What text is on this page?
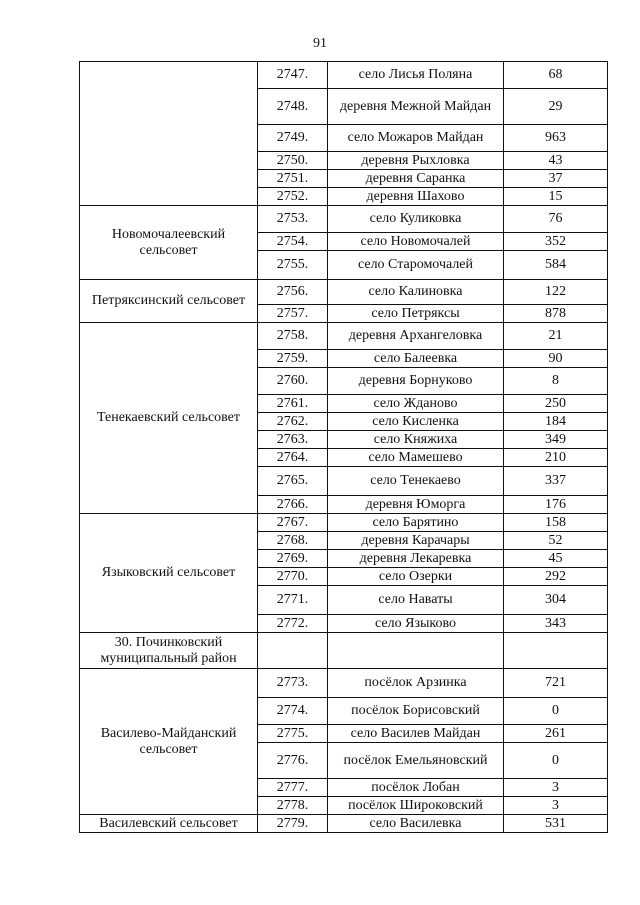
91
	2747.	село Лисья Поляна	68
	2748.	деревня Межной Майдан	29
	2749.	село Можаров Майдан	963
	2750.	деревня Рыхловка	43
	2751.	деревня Саранка	37
	2752.	деревня Шахово	15
Новомочалеевский сельсовет	2753.	село Куликовка	76
	2754.	село Новомочалей	352
	2755.	село Старомочалей	584
Петряксинский сельсовет	2756.	село Калиновка	122
	2757.	село Петряксы	878
Тенекаевский сельсовет	2758.	деревня Архангеловка	21
	2759.	село Балеевка	90
	2760.	деревня Борнуково	8
	2761.	село Жданово	250
	2762.	село Кисленка	184
	2763.	село Княжиха	349
	2764.	село Мамешево	210
	2765.	село Тенекаево	337
	2766.	деревня Юморга	176
Языковский сельсовет	2767.	село Барятино	158
	2768.	деревня Карачары	52
	2769.	деревня Лекаревка	45
	2770.	село Озерки	292
	2771.	село Наваты	304
	2772.	село Языково	343
30. Починковский муниципальный район			
Василево-Майданский сельсовет	2773.	посёлок Арзинка	721
	2774.	посёлок Борисовский	0
	2775.	село Василев Майдан	261
	2776.	посёлок Емельяновский	0
	2777.	посёлок Лобан	3
	2778.	посёлок Широковский	3
Василевский сельсовет	2779.	село Василевка	531
